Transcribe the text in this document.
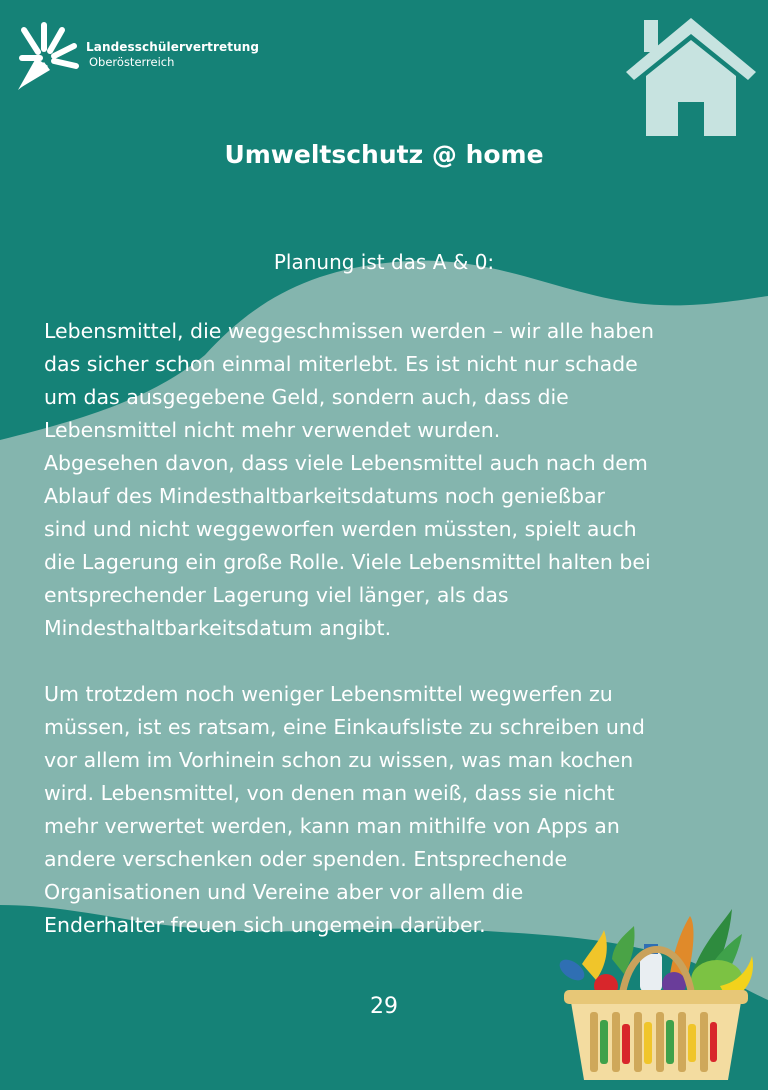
Landesschülervertretung
Oberösterreich
Umweltschutz @ home
Planung ist das A & 0:

Lebensmittel, die weggeschmissen werden – wir alle haben
das sicher schon einmal miterlebt. Es ist nicht nur schade
um das ausgegebene Geld, sondern auch, dass die
Lebensmittel nicht mehr verwendet wurden.
Abgesehen davon, dass viele Lebensmittel auch nach dem
Ablauf des Mindesthaltbarkeitsdatums noch genießbar
sind und nicht weggeworfen werden müssten, spielt auch
die Lagerung ein große Rolle. Viele Lebensmittel halten bei
entsprechender Lagerung viel länger, als das
Mindesthaltbarkeitsdatum angibt.

Um trotzdem noch weniger Lebensmittel wegwerfen zu
müssen, ist es ratsam, eine Einkaufsliste zu schreiben und
vor allem im Vorhinein schon zu wissen, was man kochen
wird. Lebensmittel, von denen man weiß, dass sie nicht
mehr verwertet werden, kann man mithilfe von Apps an
andere verschenken oder spenden. Entsprechende
Organisationen und Vereine aber vor allem die
Enderhalter freuen sich ungemein darüber.

29
